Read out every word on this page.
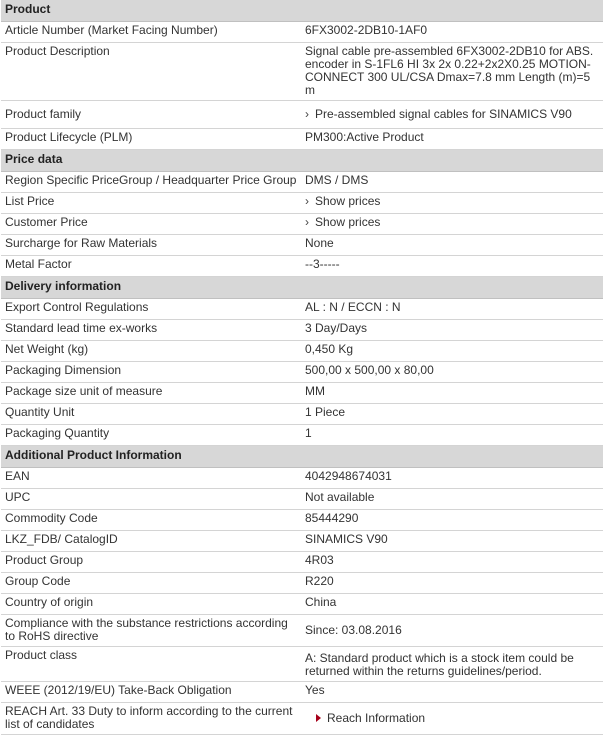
Product	
Article Number (Market Facing Number)	6FX3002-2DB10-1AF0
Product Description	Signal cable pre-assembled 6FX3002-2DB10 for ABS. encoder in S-1FL6 HI 3x 2x 0.22+2x2X0.25 MOTION-CONNECT 300 UL/CSA Dmax=7.8 mm Length (m)=5 m
Product family	› Pre-assembled signal cables for SINAMICS V90
Product Lifecycle (PLM)	PM300:Active Product
Price data	
Region Specific PriceGroup / Headquarter Price Group	DMS / DMS
List Price	› Show prices
Customer Price	› Show prices
Surcharge for Raw Materials	None
Metal Factor	--3-----
Delivery information	
Export Control Regulations	AL : N / ECCN : N
Standard lead time ex-works	3 Day/Days
Net Weight (kg)	0,450 Kg
Packaging Dimension	500,00 x 500,00 x 80,00
Package size unit of measure	MM
Quantity Unit	1 Piece
Packaging Quantity	1
Additional Product Information	
EAN	4042948674031
UPC	Not available
Commodity Code	85444290
LKZ_FDB/ CatalogID	SINAMICS V90
Product Group	4R03
Group Code	R220
Country of origin	China
Compliance with the substance restrictions according to RoHS directive	Since: 03.08.2016
Product class	A: Standard product which is a stock item could be returned within the returns guidelines/period.
WEEE (2012/19/EU) Take-Back Obligation	Yes
REACH Art. 33 Duty to inform according to the current list of candidates	Reach Information
